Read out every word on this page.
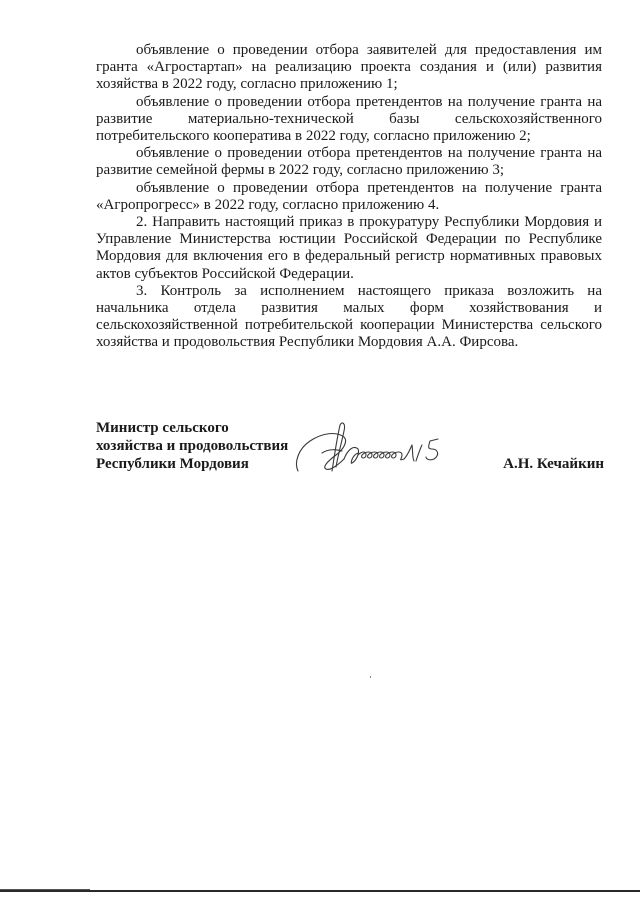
объявление о проведении отбора заявителей для предоставления им гранта «Агростартап» на реализацию проекта создания и (или) развития хозяйства в 2022 году, согласно приложению 1;

объявление о проведении отбора претендентов на получение гранта на развитие материально-технической базы сельскохозяйственного потребительского кооператива в 2022 году, согласно приложению 2;

объявление о проведении отбора претендентов на получение гранта на развитие семейной фермы в 2022 году, согласно приложению 3;

объявление о проведении отбора претендентов на получение гранта «Агропрогресс» в 2022 году, согласно приложению 4.

2. Направить настоящий приказ в прокуратуру Республики Мордовия и Управление Министерства юстиции Российской Федерации по Республике Мордовия для включения его в федеральный регистр нормативных правовых актов субъектов Российской Федерации.

3. Контроль за исполнением настоящего приказа возложить на начальника отдела развития малых форм хозяйствования и сельскохозяйственной потребительской кооперации Министерства сельского хозяйства и продовольствия Республики Мордовия А.А. Фирсова.

Министр сельского
хозяйства и продовольствия
Республики Мордовия	А.Н. Кечайкин
